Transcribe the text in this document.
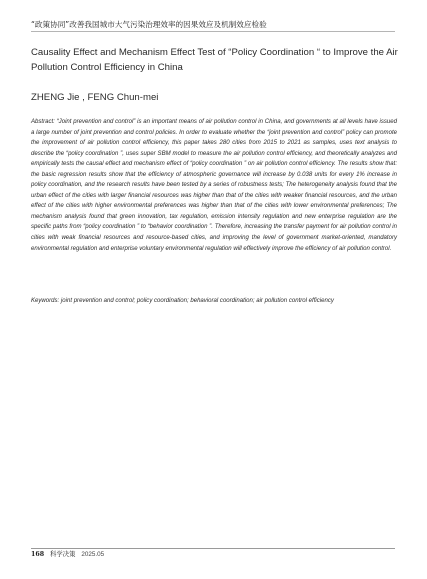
“政策协同”改善我国城市大气污染治理效率的因果效应及机制效应检验
Causality Effect and Mechanism Effect Test of “Policy Coordination “ to Improve the Air Pollution Control Efficiency in China
ZHENG Jie , FENG Chun-mei
Abstract: “Joint prevention and control” is an important means of air pollution control in China, and governments at all levels have issued a large number of joint prevention and control policies. In order to evaluate whether the “joint prevention and control” policy can promote the improvement of air pollution control efficiency, this paper takes 280 cities from 2015 to 2021 as samples, uses text analysis to describe the “policy coordination ”, uses super SBM model to measure the air pollution control efficiency, and theoretically analyzes and empirically tests the causal effect and mechanism effect of “policy coordination ” on air pollution control efficiency. The results show that: the basic regression results show that the efficiency of atmospheric governance will increase by 0.038 units for every 1% increase in policy coordination, and the research results have been tested by a series of robustness tests; The heterogeneity analysis found that the urban effect of the cities with larger financial resources was higher than that of the cities with weaker financial resources, and the urban effect of the cities with higher environmental preferences was higher than that of the cities with lower environmental preferences; The mechanism analysis found that green innovation, tax regulation, emission intensity regulation and new enterprise regulation are the specific paths from “policy coordination ” to “behavior coordination ”. Therefore, increasing the transfer payment for air pollution control in cities with weak financial resources and resource-based cities, and improving the level of government market-oriented, mandatory environmental regulation and enterprise voluntary environmental regulation will effectively improve the efficiency of air pollution control.
Keywords: joint prevention and control; policy coordination; behavioral coordination; air pollution control efficiency
168 科学决策 2025.05
